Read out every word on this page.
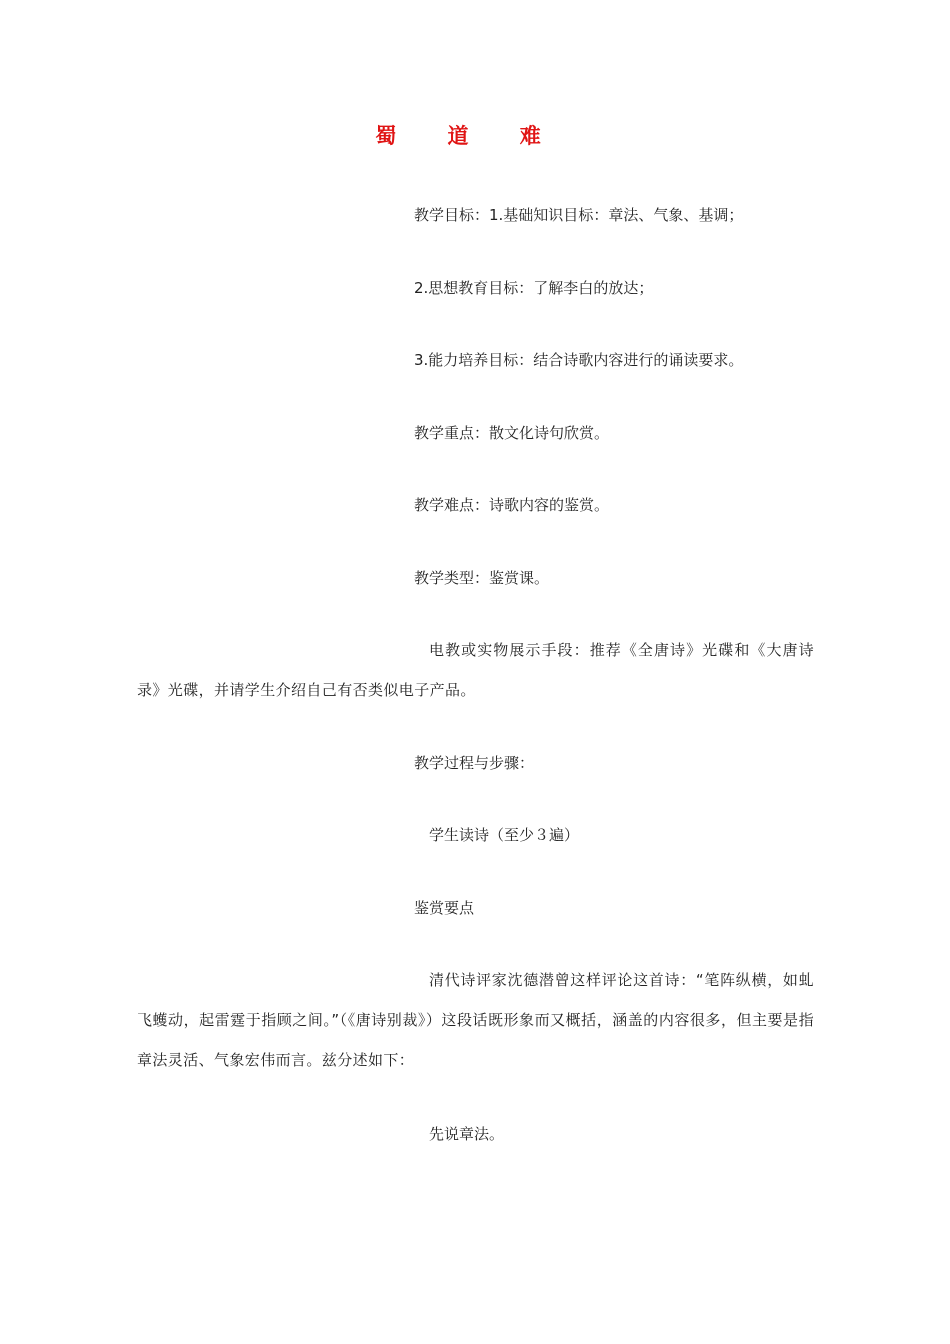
蜀 道 难
教学目标：1.基础知识目标：章法、气象、基调；
2.思想教育目标：了解李白的放达；
3.能力培养目标：结合诗歌内容进行的诵读要求。
教学重点：散文化诗句欣赏。
教学难点：诗歌内容的鉴赏。
教学类型：鉴赏课。
电教或实物展示手段：推荐《全唐诗》光碟和《大唐诗录》光碟，并请学生介绍自己有否类似电子产品。
教学过程与步骤：
学生读诗（至少３遍）
鉴赏要点
清代诗评家沈德潜曾这样评论这首诗：“笔阵纵横，如虬飞蠖动，起雷霆于指顾之间。”（《唐诗别裁》）这段话既形象而又概括，涵盖的内容很多，但主要是指章法灵活、气象宏伟而言。兹分述如下：
先说章法。
